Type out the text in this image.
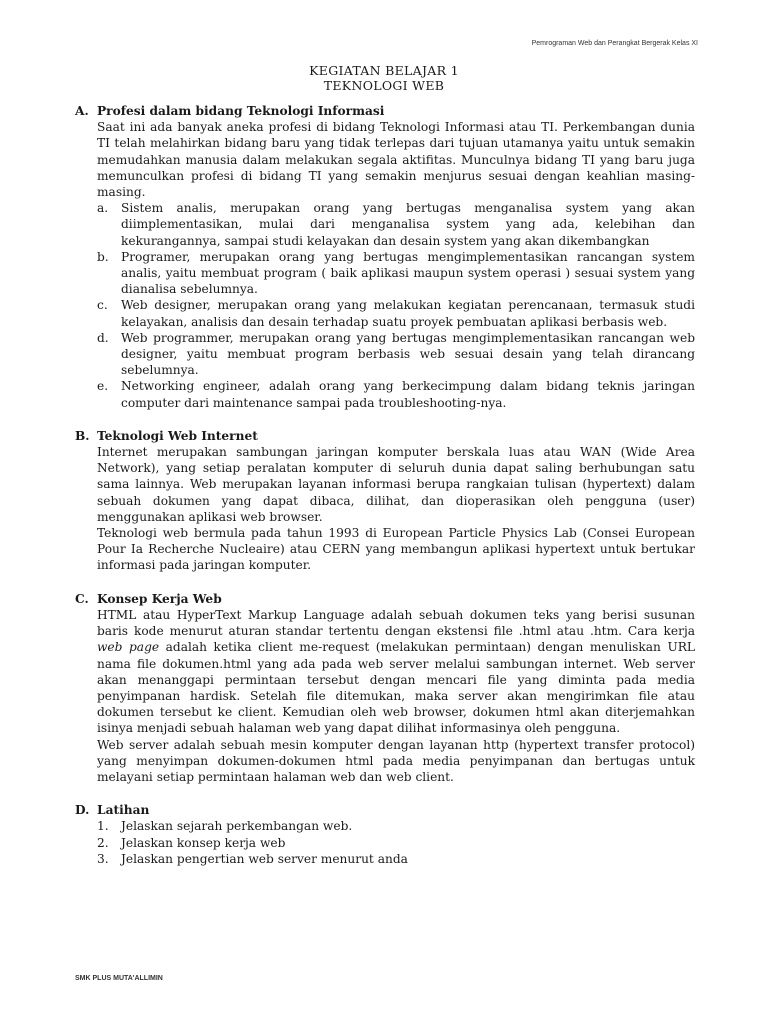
Pemrograman Web dan Perangkat Bergerak Kelas XI
KEGIATAN BELAJAR 1
TEKNOLOGI WEB
A. Profesi dalam bidang Teknologi Informasi
Saat ini ada banyak aneka profesi di bidang Teknologi Informasi atau TI. Perkembangan dunia TI telah melahirkan bidang baru yang tidak terlepas dari tujuan utamanya yaitu untuk semakin memudahkan manusia dalam melakukan segala aktifitas. Munculnya bidang TI yang baru juga memunculkan profesi di bidang TI yang semakin menjurus sesuai dengan keahlian masing-masing.
a.	Sistem analis, merupakan orang yang bertugas menganalisa system yang akan diimplementasikan, mulai dari menganalisa system yang ada, kelebihan dan kekurangannya, sampai studi kelayakan dan desain system yang akan dikembangkan
b.	Programer, merupakan orang yang bertugas mengimplementasikan rancangan system analis, yaitu membuat program ( baik aplikasi maupun system operasi ) sesuai system yang dianalisa sebelumnya.
c.	Web designer, merupakan orang yang melakukan kegiatan perencanaan, termasuk studi kelayakan, analisis dan desain terhadap suatu proyek pembuatan aplikasi berbasis web.
d.	Web programmer, merupakan orang yang bertugas mengimplementasikan rancangan web designer, yaitu membuat program berbasis web sesuai desain yang telah dirancang sebelumnya.
e.	Networking engineer, adalah orang yang berkecimpung dalam bidang teknis jaringan computer dari maintenance sampai pada troubleshooting-nya.
B. Teknologi Web Internet
Internet merupakan sambungan jaringan komputer berskala luas atau WAN (Wide Area Network), yang setiap peralatan komputer di seluruh dunia dapat saling berhubungan satu sama lainnya. Web merupakan layanan informasi berupa rangkaian tulisan (hypertext) dalam sebuah dokumen yang dapat dibaca, dilihat, dan dioperasikan oleh pengguna (user) menggunakan aplikasi web browser.
Teknologi web bermula pada tahun 1993 di European Particle Physics Lab (Consei European Pour Ia Recherche Nucleaire) atau CERN yang membangun aplikasi hypertext untuk bertukar informasi pada jaringan komputer.
C. Konsep Kerja Web
HTML atau HyperText Markup Language adalah sebuah dokumen teks yang berisi susunan baris kode menurut aturan standar tertentu dengan ekstensi file .html atau .htm. Cara kerja web page adalah ketika client me-request (melakukan permintaan) dengan menuliskan URL nama file dokumen.html yang ada pada web server melalui sambungan internet. Web server akan menanggapi permintaan tersebut dengan mencari file yang diminta pada media penyimpanan hardisk. Setelah file ditemukan, maka server akan mengirimkan file atau dokumen tersebut ke client. Kemudian oleh web browser, dokumen html akan diterjemahkan isinya menjadi sebuah halaman web yang dapat dilihat informasinya oleh pengguna.
Web server adalah sebuah mesin komputer dengan layanan http (hypertext transfer protocol) yang menyimpan dokumen-dokumen html pada media penyimpanan dan bertugas untuk melayani setiap permintaan halaman web dan web client.
D. Latihan
1.	Jelaskan sejarah perkembangan web.
2.	Jelaskan konsep kerja web
3.	Jelaskan pengertian web server menurut anda
SMK PLUS MUTA'ALLIMIN
